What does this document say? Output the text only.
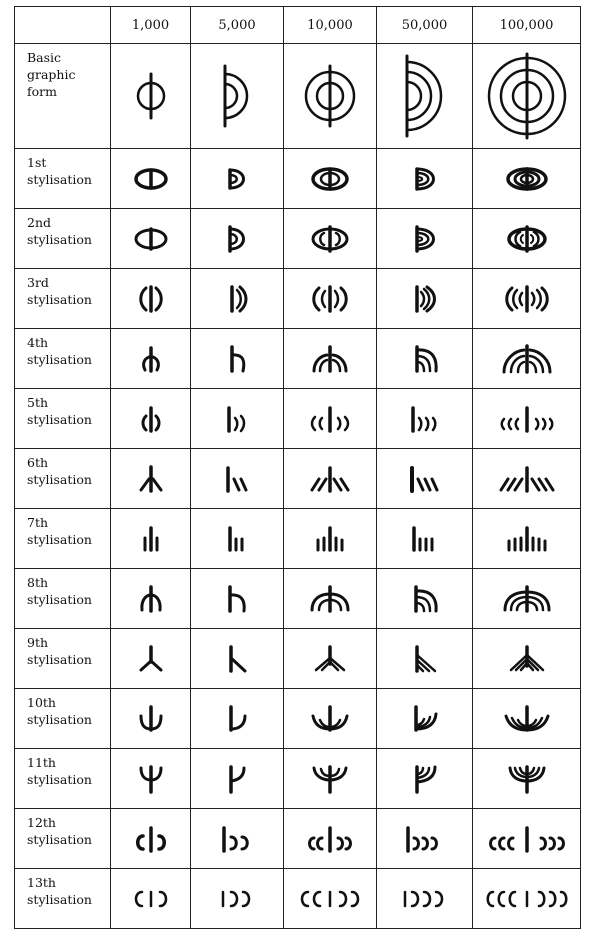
	1,000	5,000	10,000	50,000	100,000
Basic
graphic
form	

1st
stylisation	

2nd
stylisation	

3rd
stylisation	

4th
stylisation	

5th
stylisation	

6th
stylisation	

7th
stylisation	

8th
stylisation	

9th
stylisation	

10th
stylisation	

11th
stylisation	

12th
stylisation	

13th
stylisation	
